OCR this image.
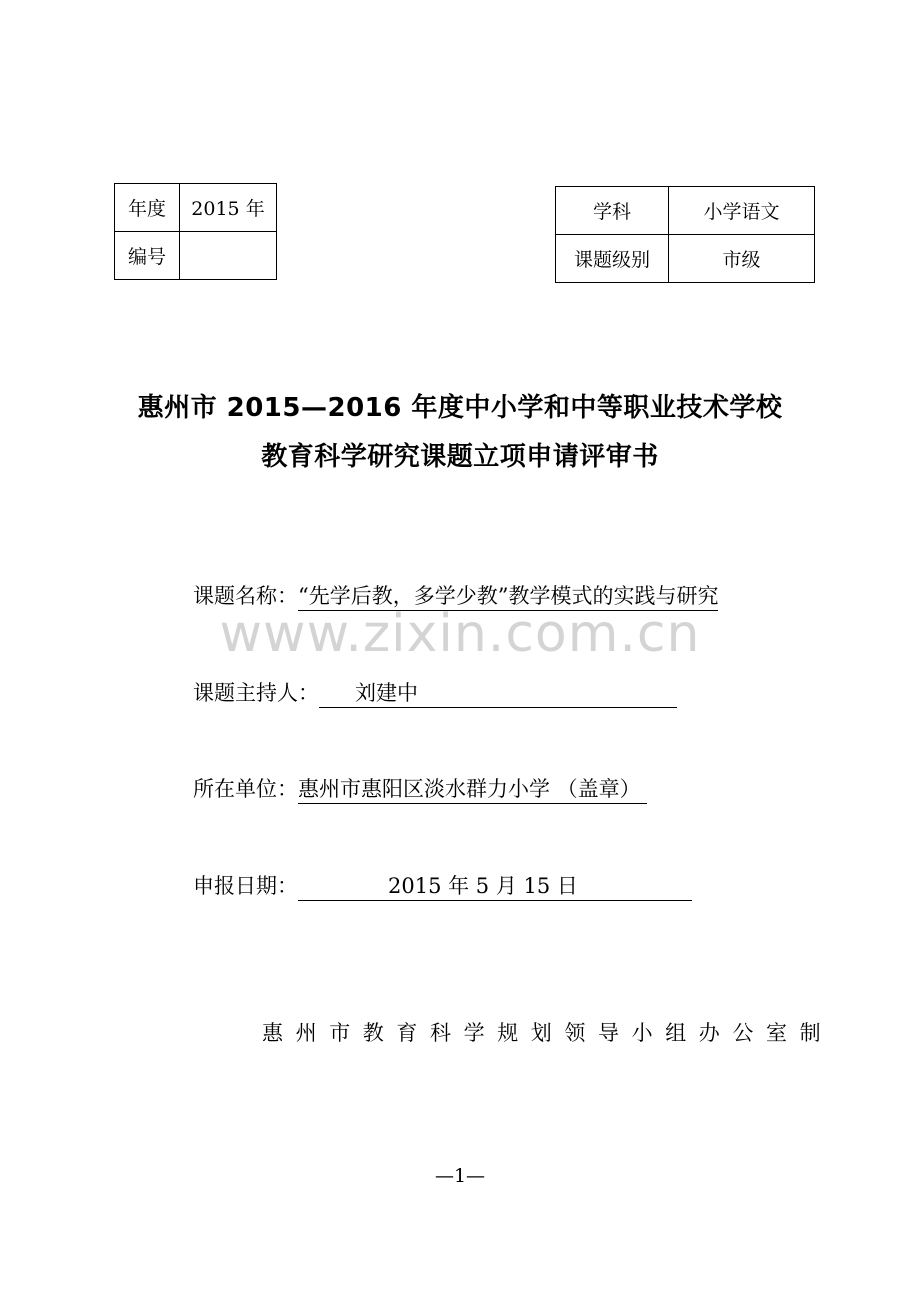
年度	2015 年
编号	
学科	小学语文
课题级别	市级
惠州市 2015—2016 年度中小学和中等职业技术学校
教育科学研究课题立项申请评审书
课题名称：“先学后教，多学少教”教学模式的实践与研究
www.zixin.com.cn
课题主持人： 刘建中
所在单位：惠州市惠阳区淡水群力小学 （盖章）
申报日期：	2015 年 5 月 15 日
惠州市教育科学规划领导小组办公室制
—1—
